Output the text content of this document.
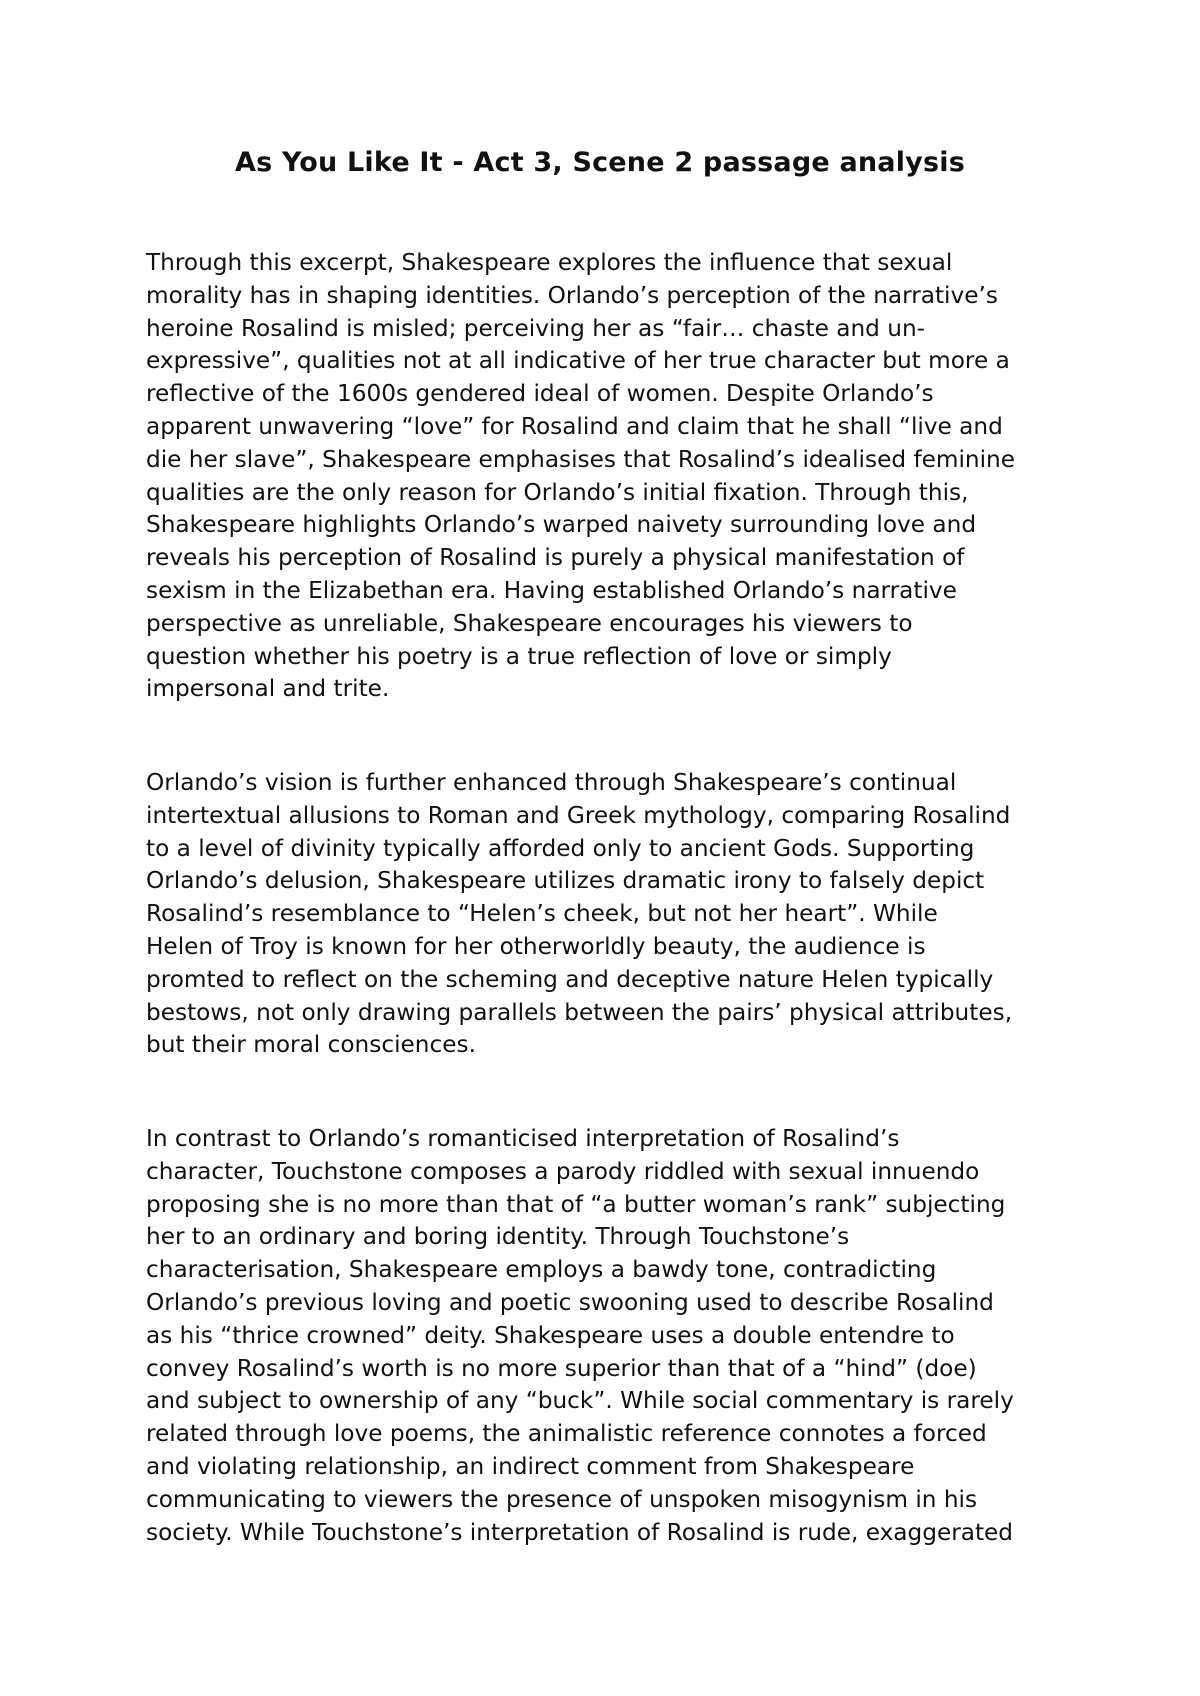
As You Like It - Act 3, Scene 2 passage analysis
Through this excerpt, Shakespeare explores the influence that sexual
morality has in shaping identities. Orlando’s perception of the narrative’s
heroine Rosalind is misled; perceiving her as “fair… chaste and un-
expressive”, qualities not at all indicative of her true character but more a
reflective of the 1600s gendered ideal of women. Despite Orlando’s
apparent unwavering “love” for Rosalind and claim that he shall “live and
die her slave”, Shakespeare emphasises that Rosalind’s idealised feminine
qualities are the only reason for Orlando’s initial fixation. Through this,
Shakespeare highlights Orlando’s warped naivety surrounding love and
reveals his perception of Rosalind is purely a physical manifestation of
sexism in the Elizabethan era. Having established Orlando’s narrative
perspective as unreliable, Shakespeare encourages his viewers to
question whether his poetry is a true reflection of love or simply
impersonal and trite.
Orlando’s vision is further enhanced through Shakespeare’s continual
intertextual allusions to Roman and Greek mythology, comparing Rosalind
to a level of divinity typically afforded only to ancient Gods. Supporting
Orlando’s delusion, Shakespeare utilizes dramatic irony to falsely depict
Rosalind’s resemblance to “Helen’s cheek, but not her heart”. While
Helen of Troy is known for her otherworldly beauty, the audience is
promted to reflect on the scheming and deceptive nature Helen typically
bestows, not only drawing parallels between the pairs’ physical attributes,
but their moral consciences.
In contrast to Orlando’s romanticised interpretation of Rosalind’s
character, Touchstone composes a parody riddled with sexual innuendo
proposing she is no more than that of “a butter woman’s rank” subjecting
her to an ordinary and boring identity. Through Touchstone’s
characterisation, Shakespeare employs a bawdy tone, contradicting
Orlando’s previous loving and poetic swooning used to describe Rosalind
as his “thrice crowned” deity. Shakespeare uses a double entendre to
convey Rosalind’s worth is no more superior than that of a “hind” (doe)
and subject to ownership of any “buck”. While social commentary is rarely
related through love poems, the animalistic reference connotes a forced
and violating relationship, an indirect comment from Shakespeare
communicating to viewers the presence of unspoken misogynism in his
society. While Touchstone’s interpretation of Rosalind is rude, exaggerated
